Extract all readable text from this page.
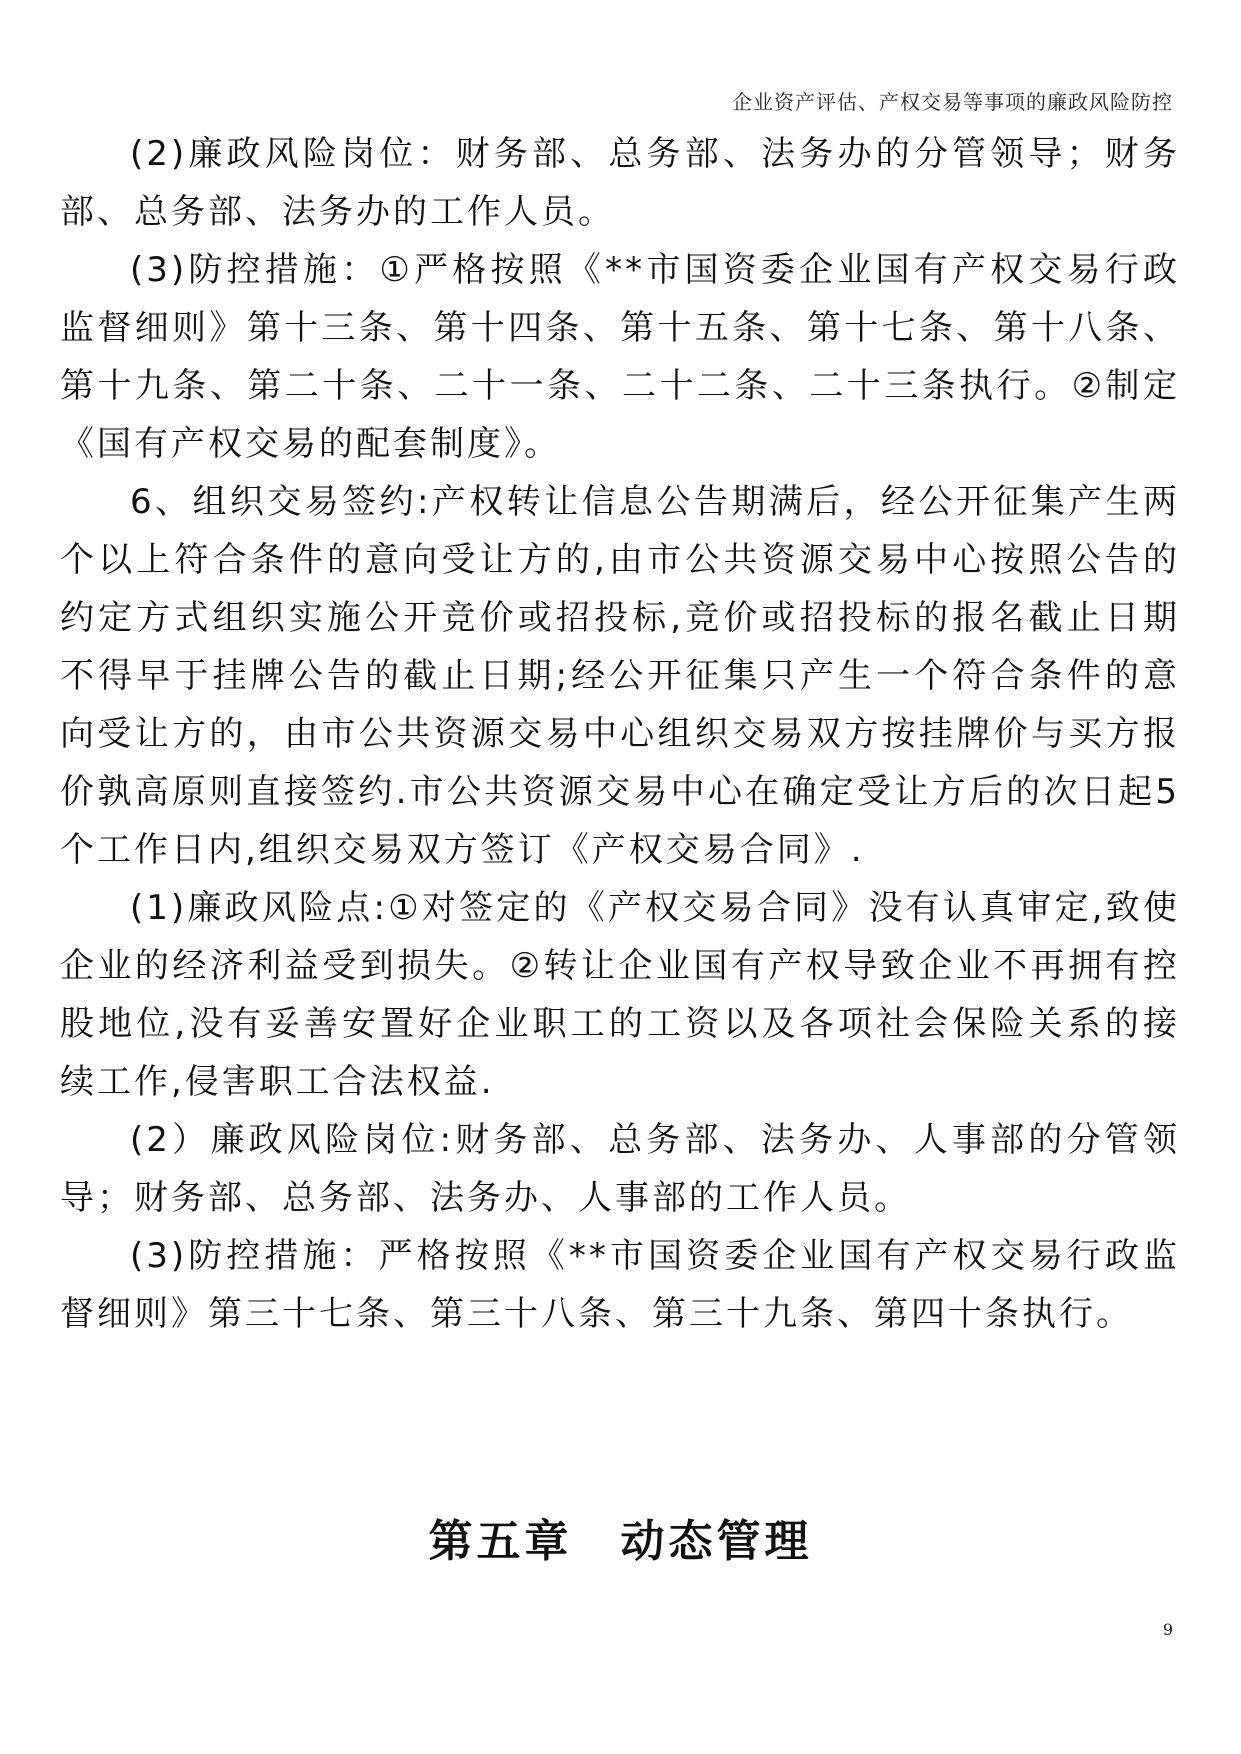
企业资产评估、产权交易等事项的廉政风险防控

(2)廉政风险岗位：财务部、总务部、法务办的分管领导；财务部、总务部、法务办的工作人员。

(3)防控措施：①严格按照《**市国资委企业国有产权交易行政监督细则》第十三条、第十四条、第十五条、第十七条、第十八条、第十九条、第二十条、二十一条、二十二条、二十三条执行。②制定《国有产权交易的配套制度》。

6、组织交易签约:产权转让信息公告期满后，经公开征集产生两个以上符合条件的意向受让方的,由市公共资源交易中心按照公告的约定方式组织实施公开竞价或招投标,竞价或招投标的报名截止日期不得早于挂牌公告的截止日期;经公开征集只产生一个符合条件的意向受让方的，由市公共资源交易中心组织交易双方按挂牌价与买方报价孰高原则直接签约.市公共资源交易中心在确定受让方后的次日起5个工作日内,组织交易双方签订《产权交易合同》.

(1)廉政风险点:①对签定的《产权交易合同》没有认真审定,致使企业的经济利益受到损失。②转让企业国有产权导致企业不再拥有控股地位,没有妥善安置好企业职工的工资以及各项社会保险关系的接续工作,侵害职工合法权益.

(2）廉政风险岗位:财务部、总务部、法务办、人事部的分管领导；财务部、总务部、法务办、人事部的工作人员。

(3)防控措施：严格按照《**市国资委企业国有产权交易行政监督细则》第三十七条、第三十八条、第三十九条、第四十条执行。

第五章　动态管理
9
